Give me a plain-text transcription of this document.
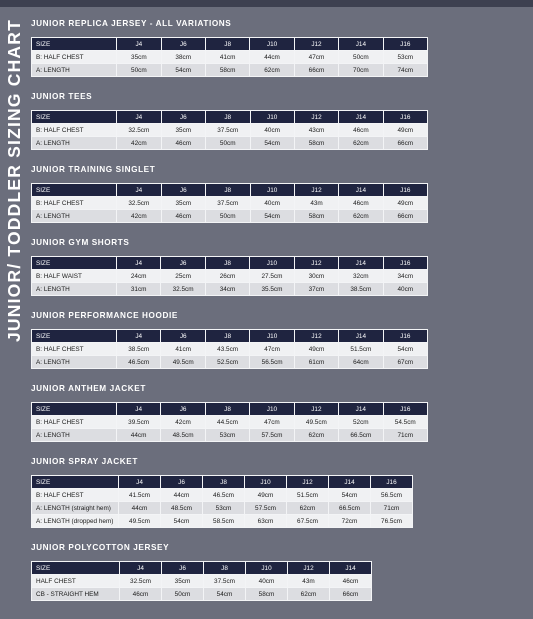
JUNIOR/ TODDLER SIZING CHART JUNIOR REPLICA JERSEY - ALL VARIATIONS
SIZE	J4	J6	J8	J10	J12	J14	J16
B: HALF CHEST	35cm	38cm	41cm	44cm	47cm	50cm	53cm
A: LENGTH	50cm	54cm	58cm	62cm	66cm	70cm	74cm
JUNIOR TEES
SIZE	J4	J6	J8	J10	J12	J14	J16
B: HALF CHEST	32.5cm	35cm	37.5cm	40cm	43cm	46cm	49cm
A: LENGTH	42cm	46cm	50cm	54cm	58cm	62cm	66cm
JUNIOR TRAINING SINGLET
SIZE	J4	J6	J8	J10	J12	J14	J16
B: HALF CHEST	32.5cm	35cm	37.5cm	40cm	43m	46cm	49cm
A: LENGTH	42cm	46cm	50cm	54cm	58cm	62cm	66cm
JUNIOR GYM SHORTS
SIZE	J4	J6	J8	J10	J12	J14	J16
B: HALF WAIST	24cm	25cm	26cm	27.5cm	30cm	32cm	34cm
A: LENGTH	31cm	32.5cm	34cm	35.5cm	37cm	38.5cm	40cm
JUNIOR PERFORMANCE HOODIE
SIZE	J4	J6	J8	J10	J12	J14	J16
B: HALF CHEST	38.5cm	41cm	43.5cm	47cm	49cm	51.5cm	54cm
A: LENGTH	46.5cm	49.5cm	52.5cm	56.5cm	61cm	64cm	67cm
JUNIOR ANTHEM JACKET
SIZE	J4	J6	J8	J10	J12	J14	J16
B: HALF CHEST	39.5cm	42cm	44.5cm	47cm	49.5cm	52cm	54.5cm
A: LENGTH	44cm	48.5cm	53cm	57.5cm	62cm	66.5cm	71cm
JUNIOR SPRAY JACKET
SIZE	J4	J6	J8	J10	J12	J14	J16
B: HALF CHEST	41.5cm	44cm	46.5cm	49cm	51.5cm	54cm	56.5cm
A: LENGTH (straight hem)	44cm	48.5cm	53cm	57.5cm	62cm	66.5cm	71cm
A: LENGTH (dropped hem)	49.5cm	54cm	58.5cm	63cm	67.5cm	72cm	76.5cm
JUNIOR POLYCOTTON JERSEY
SIZE	J4	J6	J8	J10	J12	J14
HALF CHEST	32.5cm	35cm	37.5cm	40cm	43m	46cm
CB - STRAIGHT HEM	46cm	50cm	54cm	58cm	62cm	66cm
